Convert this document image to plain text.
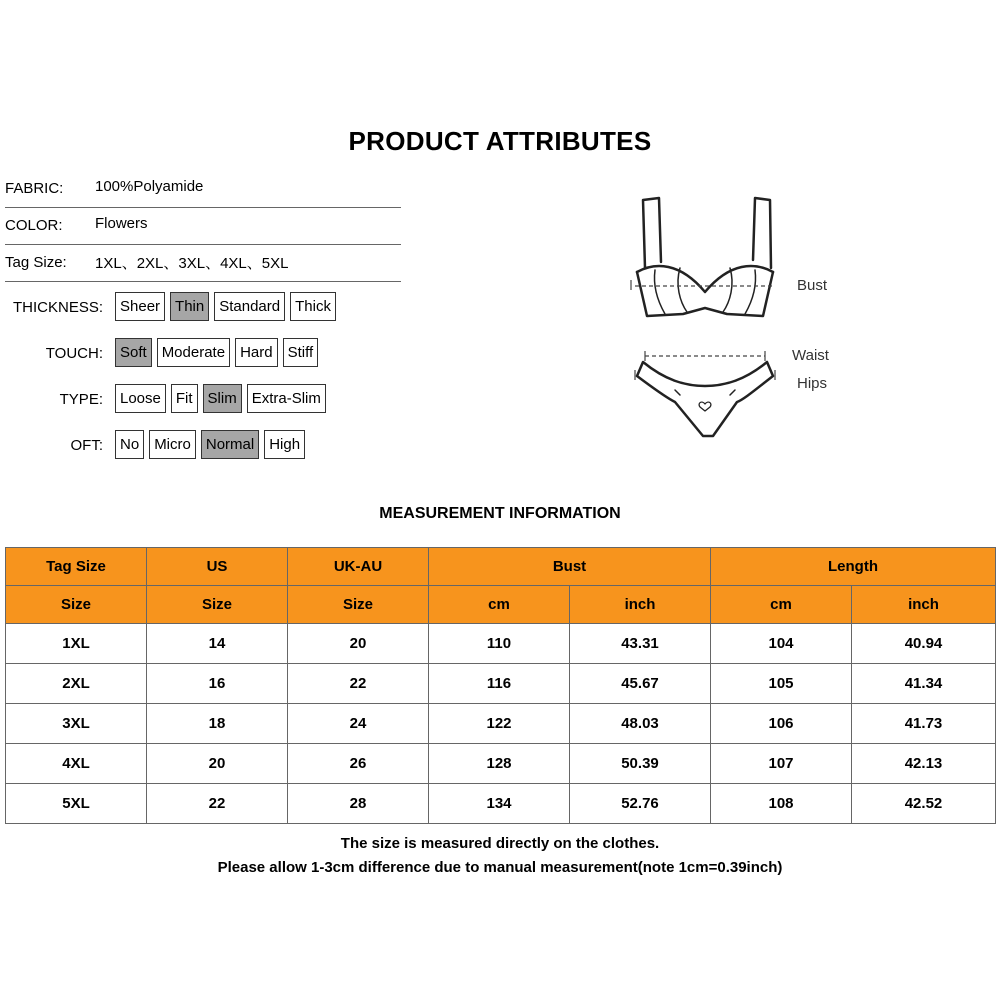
PRODUCT ATTRIBUTES
FABRIC: 100%Polyamide
COLOR: Flowers
Tag Size: 1XL、2XL、3XL、4XL、5XL
THICKNESS:	Sheer	Thin	Standard	Thick
TOUCH:	Soft	Moderate	Hard	Stiff
TYPE:	Loose	Fit	Slim	Extra-Slim
OFT:	No	Micro	Normal	High
Bust
Waist
Hips
MEASUREMENT INFORMATION
Tag Size	US	UK-AU	Bust		Length	
Size	Size	Size	cm	inch	cm	inch
1XL	14	20	110	43.31	104	40.94
2XL	16	22	116	45.67	105	41.34
3XL	18	24	122	48.03	106	41.73
4XL	20	26	128	50.39	107	42.13
5XL	22	28	134	52.76	108	42.52
The size is measured directly on the clothes.
Please allow 1-3cm difference due to manual measurement(note 1cm=0.39inch)
